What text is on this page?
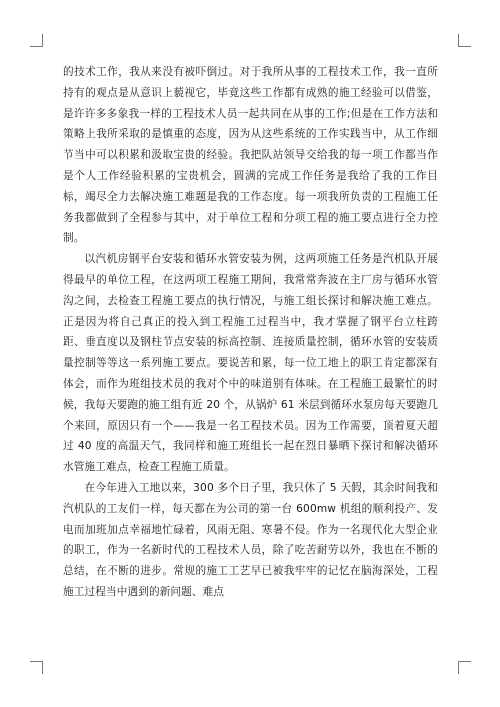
的技术工作，我从来没有被吓倒过。对于我所从事的工程技术工作，我一直所持有的观点是从意识上藐视它，毕竟这些工作都有成熟的施工经验可以借鉴，是许许多多象我一样的工程技术人员一起共同在从事的工作;但是在工作方法和策略上我所采取的是慎重的态度，因为从这些系统的工作实践当中，从工作细节当中可以积累和汲取宝贵的经验。我把队站领导交给我的每一项工作都当作是个人工作经验积累的宝贵机会，圆满的完成工作任务是我给了我的工作目标，竭尽全力去解决施工难题是我的工作态度。每一项我所负责的工程施工任务我都做到了全程参与其中，对于单位工程和分项工程的施工要点进行全力控制。

以汽机房钢平台安装和循环水管安装为例，这两项施工任务是汽机队开展得最早的单位工程，在这两项工程施工期间，我常常奔波在主厂房与循环水管沟之间，去检查工程施工要点的执行情况，与施工组长探讨和解决施工难点。正是因为将自己真正的投入到工程施工过程当中，我才掌握了钢平台立柱跨距、垂直度以及钢柱节点安装的标高控制、连接质量控制，循环水管的安装质量控制等等这一系列施工要点。要说苦和累，每一位工地上的职工肯定都深有体会，而作为班组技术员的我对个中的味道别有体味。在工程施工最繁忙的时候，我每天要跑的施工组有近 20 个，从锅炉 61 米层到循环水泵房每天要跑几个来回，原因只有一个——我是一名工程技术员。因为工作需要，顶着夏天超过 40 度的高温天气，我同样和施工班组长一起在烈日暴晒下探讨和解决循环水管施工难点，检查工程施工质量。

在今年进入工地以来，300 多个日子里，我只休了 5 天假，其余时间我和汽机队的工友们一样，每天都在为公司的第一台 600mw 机组的顺利投产、发电而加班加点幸福地忙碌着，风雨无阻、寒暑不侵。作为一名现代化大型企业的职工，作为一名新时代的工程技术人员，除了吃苦耐劳以外，我也在不断的总结，在不断的进步。常规的施工工艺早已被我牢牢的记忆在脑海深处，工程施工过程当中遇到的新问题、难点
